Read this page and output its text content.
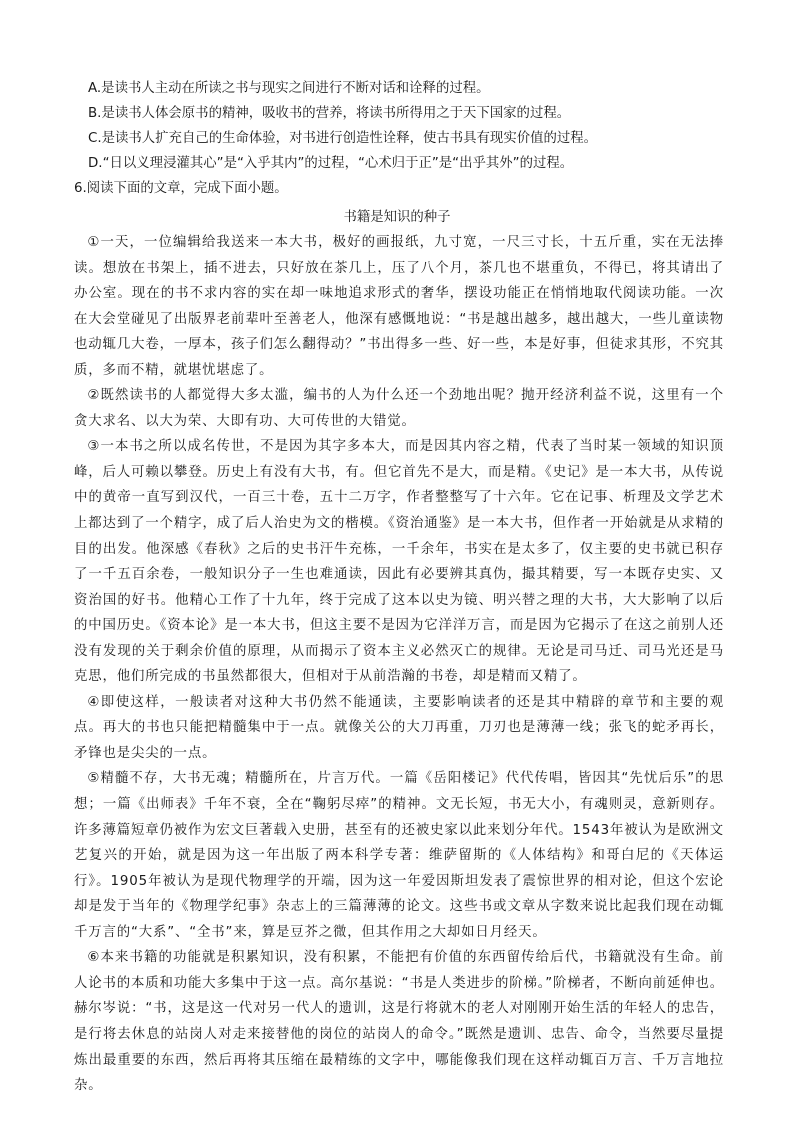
A.是读书人主动在所读之书与现实之间进行不断对话和诠释的过程。
B.是读书人体会原书的精神，吸收书的营养，将读书所得用之于天下国家的过程。
C.是读书人扩充自己的生命体验，对书进行创造性诠释，使古书具有现实价值的过程。
D.“日以义理浸灌其心”是“入乎其内”的过程，“心术归于正”是“出乎其外”的过程。
6.阅读下面的文章，完成下面小题。
书籍是知识的种子

①一天，一位编辑给我送来一本大书，极好的画报纸，九寸宽，一尺三寸长，十五斤重，实在无法捧读。想放在书架上，插不进去，只好放在茶几上，压了八个月，茶几也不堪重负，不得已，将其请出了办公室。现在的书不求内容的实在却一味地追求形式的奢华，摆设功能正在悄悄地取代阅读功能。一次在大会堂碰见了出版界老前辈叶至善老人，他深有感慨地说：“书是越出越多，越出越大，一些儿童读物也动辄几大卷，一厚本，孩子们怎么翻得动？”书出得多一些、好一些，本是好事，但徒求其形，不究其质，多而不精，就堪忧堪虑了。

②既然读书的人都觉得大多太滥，编书的人为什么还一个劲地出呢？抛开经济利益不说，这里有一个贪大求名、以大为荣、大即有功、大可传世的大错觉。

③一本书之所以成名传世，不是因为其字多本大，而是因其内容之精，代表了当时某一领域的知识顶峰，后人可赖以攀登。历史上有没有大书，有。但它首先不是大，而是精。《史记》是一本大书，从传说中的黄帝一直写到汉代，一百三十卷，五十二万字，作者整整写了十六年。它在记事、析理及文学艺术上都达到了一个精字，成了后人治史为文的楷模。《资治通鉴》是一本大书，但作者一开始就是从求精的目的出发。他深感《春秋》之后的史书汗牛充栋，一千余年，书实在是太多了，仅主要的史书就已积存了一千五百余卷，一般知识分子一生也难通读，因此有必要辨其真伪，撮其精要，写一本既存史实、又资治国的好书。他精心工作了十九年，终于完成了这本以史为镜、明兴替之理的大书，大大影响了以后的中国历史。《资本论》是一本大书，但这主要不是因为它洋洋万言，而是因为它揭示了在这之前别人还没有发现的关于剩余价值的原理，从而揭示了资本主义必然灭亡的规律。无论是司马迁、司马光还是马克思，他们所完成的书虽然都很大，但相对于从前浩瀚的书卷，却是精而又精了。

④即使这样，一般读者对这种大书仍然不能通读，主要影响读者的还是其中精辟的章节和主要的观点。再大的书也只能把精髓集中于一点。就像关公的大刀再重，刀刃也是薄薄一线；张飞的蛇矛再长，矛锋也是尖尖的一点。

⑤精髓不存，大书无魂；精髓所在，片言万代。一篇《岳阳楼记》代代传唱，皆因其“先忧后乐”的思想；一篇《出师表》千年不衰，全在“鞠躬尽瘁”的精神。文无长短，书无大小，有魂则灵，意新则存。许多薄篇短章仍被作为宏文巨著载入史册，甚至有的还被史家以此来划分年代。1543年被认为是欧洲文艺复兴的开始，就是因为这一年出版了两本科学专著：维萨留斯的《人体结构》和哥白尼的《天体运行》。1905年被认为是现代物理学的开端，因为这一年爱因斯坦发表了震惊世界的相对论，但这个宏论却是发于当年的《物理学纪事》杂志上的三篇薄薄的论文。这些书或文章从字数来说比起我们现在动辄千万言的“大系”、“全书”来，算是豆芥之微，但其作用之大却如日月经天。

⑥本来书籍的功能就是积累知识，没有积累，不能把有价值的东西留传给后代，书籍就没有生命。前人论书的本质和功能大多集中于这一点。高尔基说：“书是人类进步的阶梯。”阶梯者，不断向前延伸也。赫尔岑说：“书，这是这一代对另一代人的遗训，这是行将就木的老人对刚刚开始生活的年轻人的忠告，是行将去休息的站岗人对走来接替他的岗位的站岗人的命令。”既然是遗训、忠告、命令，当然要尽量提炼出最重要的东西，然后再将其压缩在最精练的文字中，哪能像我们现在这样动辄百万言、千万言地拉杂。
